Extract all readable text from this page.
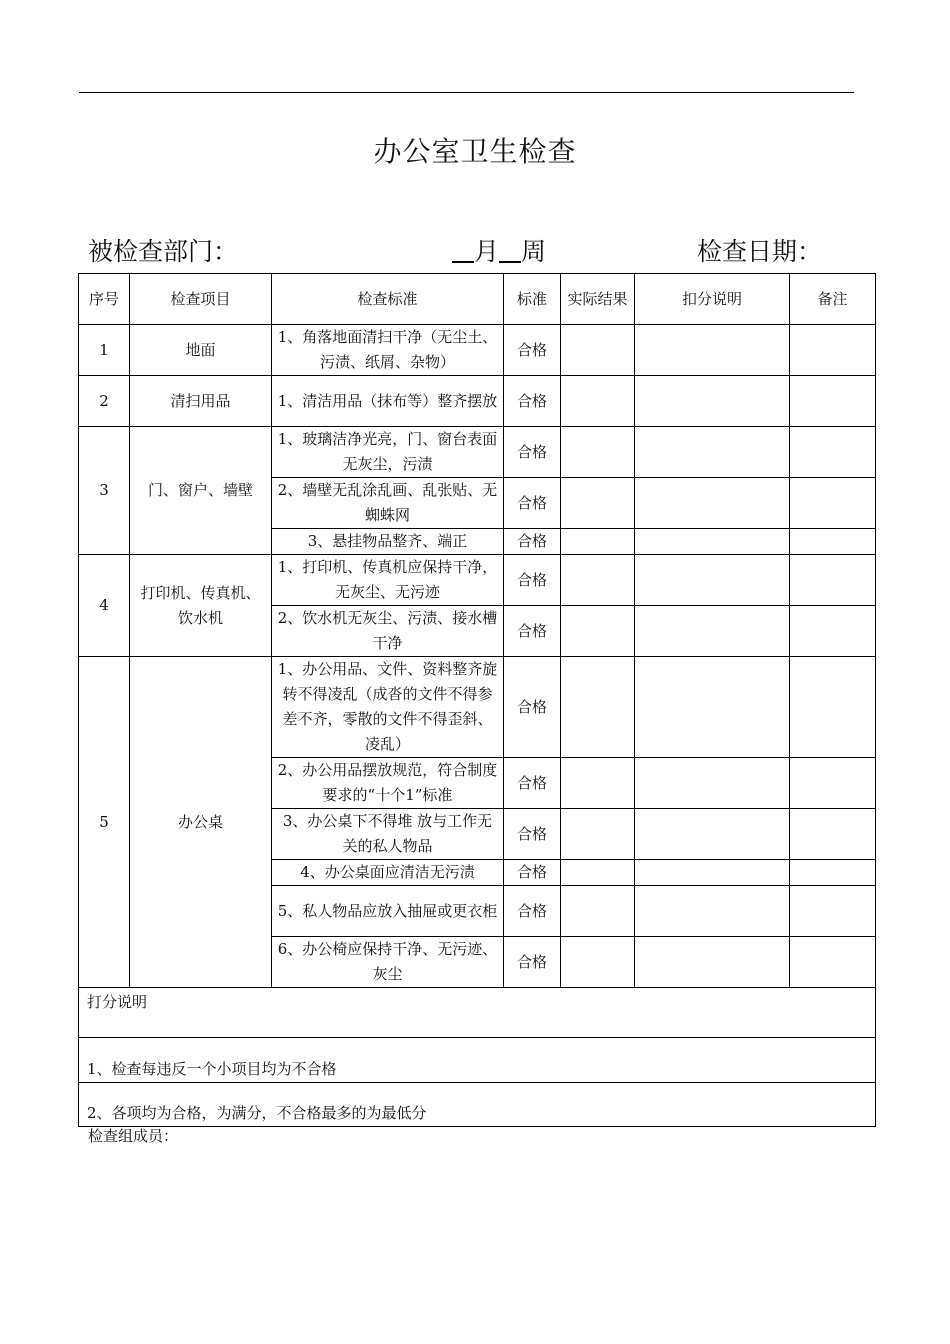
办公室卫生检查
被检查部门：	月 周	检查日期：
序号	检查项目	检查标准	标准	实际结果	扣分说明	备注
1	地面	1、角落地面清扫干净（无尘土、污渍、纸屑、杂物）	合格			
2	清扫用品	1、清洁用品（抹布等）整齐摆放	合格			
3	门、窗户、墙壁	1、玻璃洁净光亮，门、窗台表面无灰尘，污渍	合格			
		2、墙壁无乱涂乱画、乱张贴、无蜘蛛网	合格			
		3、悬挂物品整齐、端正	合格			
4	打印机、传真机、饮水机	1、打印机、传真机应保持干净，无灰尘、无污迹	合格			
		2、饮水机无灰尘、污渍、接水槽干净	合格			
5	办公桌	1、办公用品、文件、资料整齐旋转不得凌乱（成沓的文件不得参差不齐，零散的文件不得歪斜、凌乱）	合格			
		2、办公用品摆放规范，符合制度要求的“十个1”标准	合格			
		3、办公桌下不得堆 放与工作无关的私人物品	合格			
		4、办公桌面应清洁无污渍	合格			
		5、私人物品应放入抽屉或更衣柜	合格			
		6、办公椅应保持干净、无污迹、灰尘	合格			
打分说明						
1、检查每违反一个小项目均为不合格						
2、各项均为合格，为满分，不合格最多的为最低分						
检查组成员：
